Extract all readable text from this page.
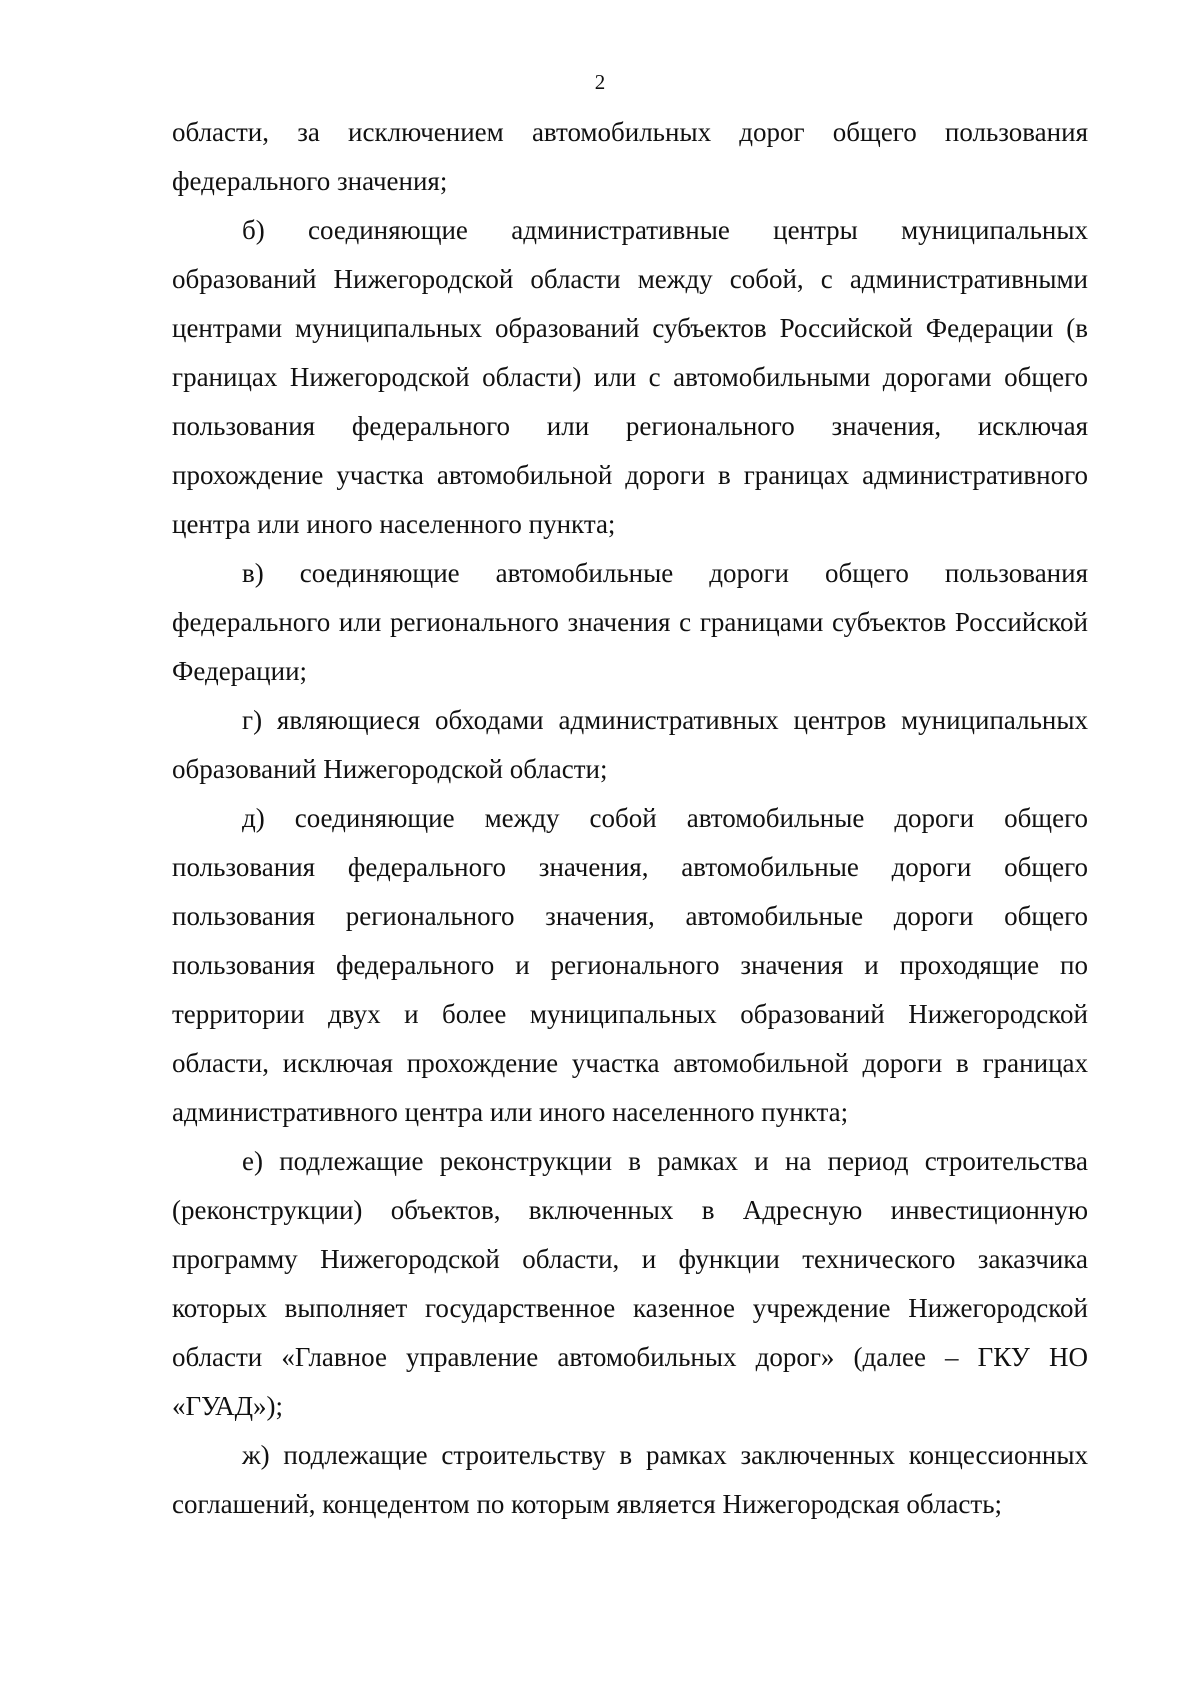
2

области, за исключением автомобильных дорог общего пользования федерального значения;

б) соединяющие административные центры муниципальных образований Нижегородской области между собой, с административными центрами муниципальных образований субъектов Российской Федерации (в границах Нижегородской области) или с автомобильными дорогами общего пользования федерального или регионального значения, исключая прохождение участка автомобильной дороги в границах административного центра или иного населенного пункта;

в) соединяющие автомобильные дороги общего пользования федерального или регионального значения с границами субъектов Российской Федерации;

г) являющиеся обходами административных центров муниципальных образований Нижегородской области;

д) соединяющие между собой автомобильные дороги общего пользования федерального значения, автомобильные дороги общего пользования регионального значения, автомобильные дороги общего пользования федерального и регионального значения и проходящие по территории двух и более муниципальных образований Нижегородской области, исключая прохождение участка автомобильной дороги в границах административного центра или иного населенного пункта;

е) подлежащие реконструкции в рамках и на период строительства (реконструкции) объектов, включенных в Адресную инвестиционную программу Нижегородской области, и функции технического заказчика которых выполняет государственное казенное учреждение Нижегородской области «Главное управление автомобильных дорог» (далее – ГКУ НО «ГУАД»);

ж) подлежащие строительству в рамках заключенных концессионных соглашений, концедентом по которым является Нижегородская область;
